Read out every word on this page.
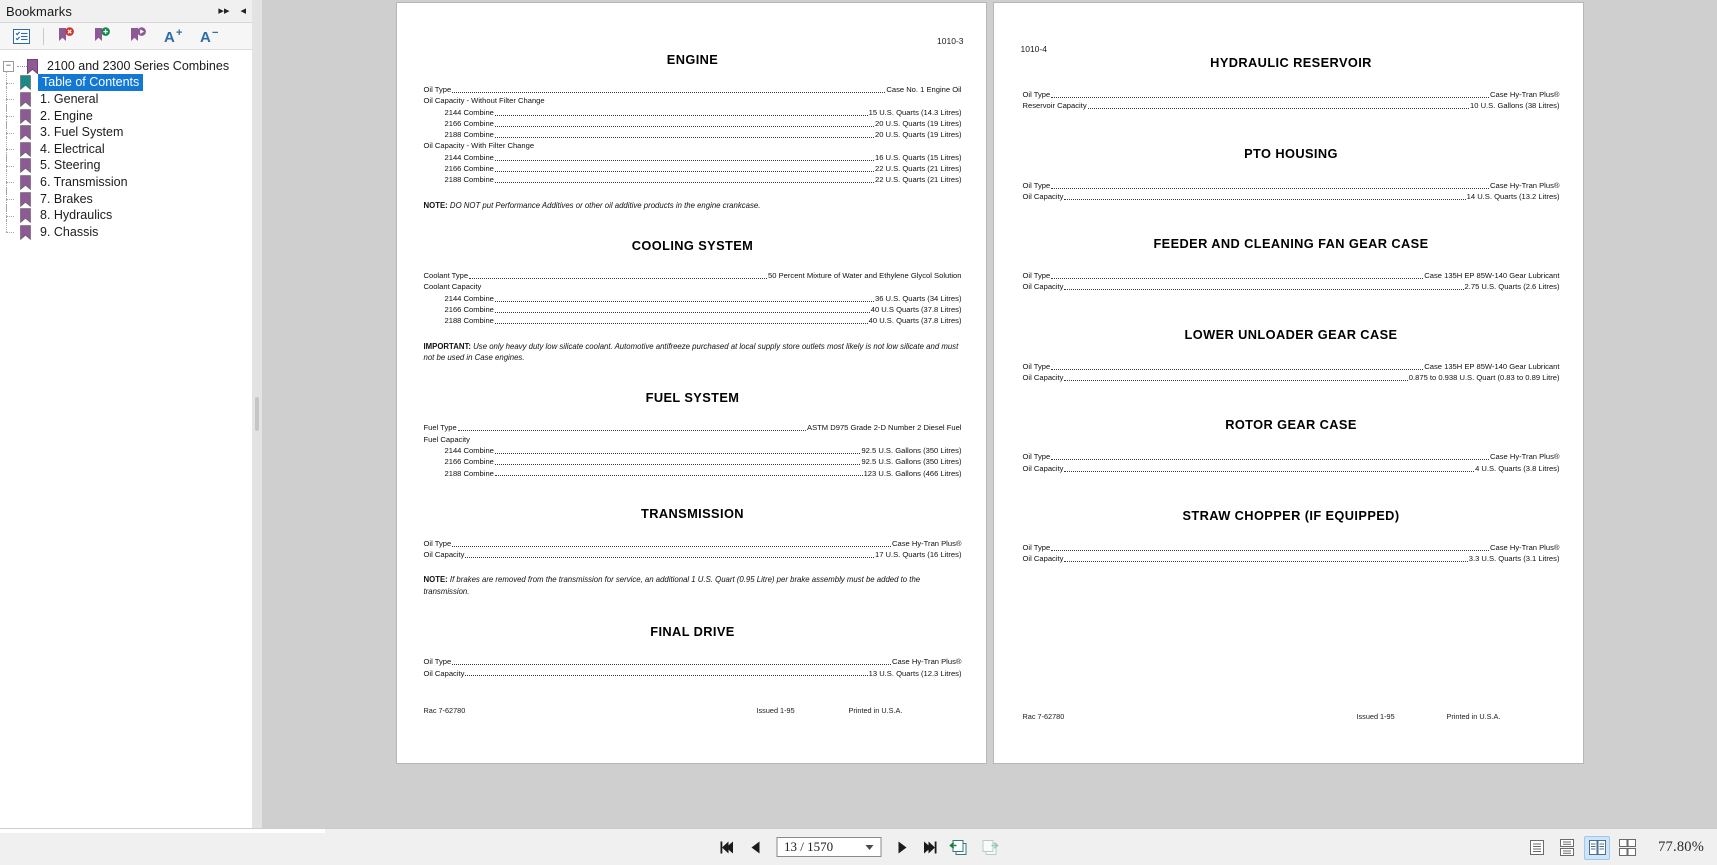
Bookmarks	▸▸ ◂
A + A −
−	2100 and 2300 Series Combines
Table of Contents
1. General
2. Engine
3. Fuel System
4. Electrical
5. Steering
6. Transmission
7. Brakes
8. Hydraulics
9. Chassis
1010-3
ENGINE
Oil Type	Case No. 1 Engine Oil
Oil Capacity - Without Filter Change
2144 Combine	15 U.S. Quarts (14.3 Litres)
2166 Combine	20 U.S. Quarts (19 Litres)
2188 Combine	20 U.S. Quarts (19 Litres)
Oil Capacity - With Filter Change
2144 Combine	16 U.S. Quarts (15 Litres)
2166 Combine	22 U.S. Quarts (21 Litres)
2188 Combine	22 U.S. Quarts (21 Litres)
NOTE: DO NOT put Performance Additives or other oil additive products in the engine crankcase.
COOLING SYSTEM
Coolant Type	50 Percent Mixture of Water and Ethylene Glycol Solution
Coolant Capacity
2144 Combine	36 U.S. Quarts (34 Litres)
2166 Combine	40 U.S Quarts (37.8 Litres)
2188 Combine	40 U.S. Quarts (37.8 Litres)
IMPORTANT: Use only heavy duty low silicate coolant. Automotive antifreeze purchased at local supply store outlets most likely is not low silicate and must not be used in Case engines.
FUEL SYSTEM
Fuel Type	ASTM D975 Grade 2-D Number 2 Diesel Fuel
Fuel Capacity
2144 Combine	92.5 U.S. Gallons (350 Litres)
2166 Combine	92.5 U.S. Gallons (350 Litres)
2188 Combine	123 U.S. Gallons (466 Litres)
TRANSMISSION
Oil Type	Case Hy-Tran Plus®
Oil Capacity	17 U.S. Quarts (16 Litres)
NOTE: If brakes are removed from the transmission for service, an additional 1 U.S. Quart (0.95 Litre) per brake assembly must be added to the transmission.
FINAL DRIVE
Oil Type	Case Hy-Tran Plus®
Oil Capacity	13 U.S. Quarts (12.3 Litres)
Rac 7-62780	Issued 1-95	Printed in U.S.A.
1010-4
HYDRAULIC RESERVOIR
Oil Type	Case Hy-Tran Plus®
Reservoir Capacity	10 U.S. Gallons (38 Litres)
PTO HOUSING
Oil Type	Case Hy-Tran Plus®
Oil Capacity	14 U.S. Quarts (13.2 Litres)
FEEDER AND CLEANING FAN GEAR CASE
Oil Type	Case 135H EP 85W-140 Gear Lubricant
Oil Capacity	2.75 U.S. Quarts (2.6 Litres)
LOWER UNLOADER GEAR CASE
Oil Type	Case 135H EP 85W-140 Gear Lubricant
Oil Capacity	0.875 to 0.938 U.S. Quart (0.83 to 0.89 Litre)
ROTOR GEAR CASE
Oil Type	Case Hy-Tran Plus®
Oil Capacity	4 U.S. Quarts (3.8 Litres)
STRAW CHOPPER (IF EQUIPPED)
Oil Type	Case Hy-Tran Plus®
Oil Capacity	3.3 U.S. Quarts (3.1 Litres)
Rac 7-62780	Issued 1-95	Printed in U.S.A.
13 / 1570
77.80%
